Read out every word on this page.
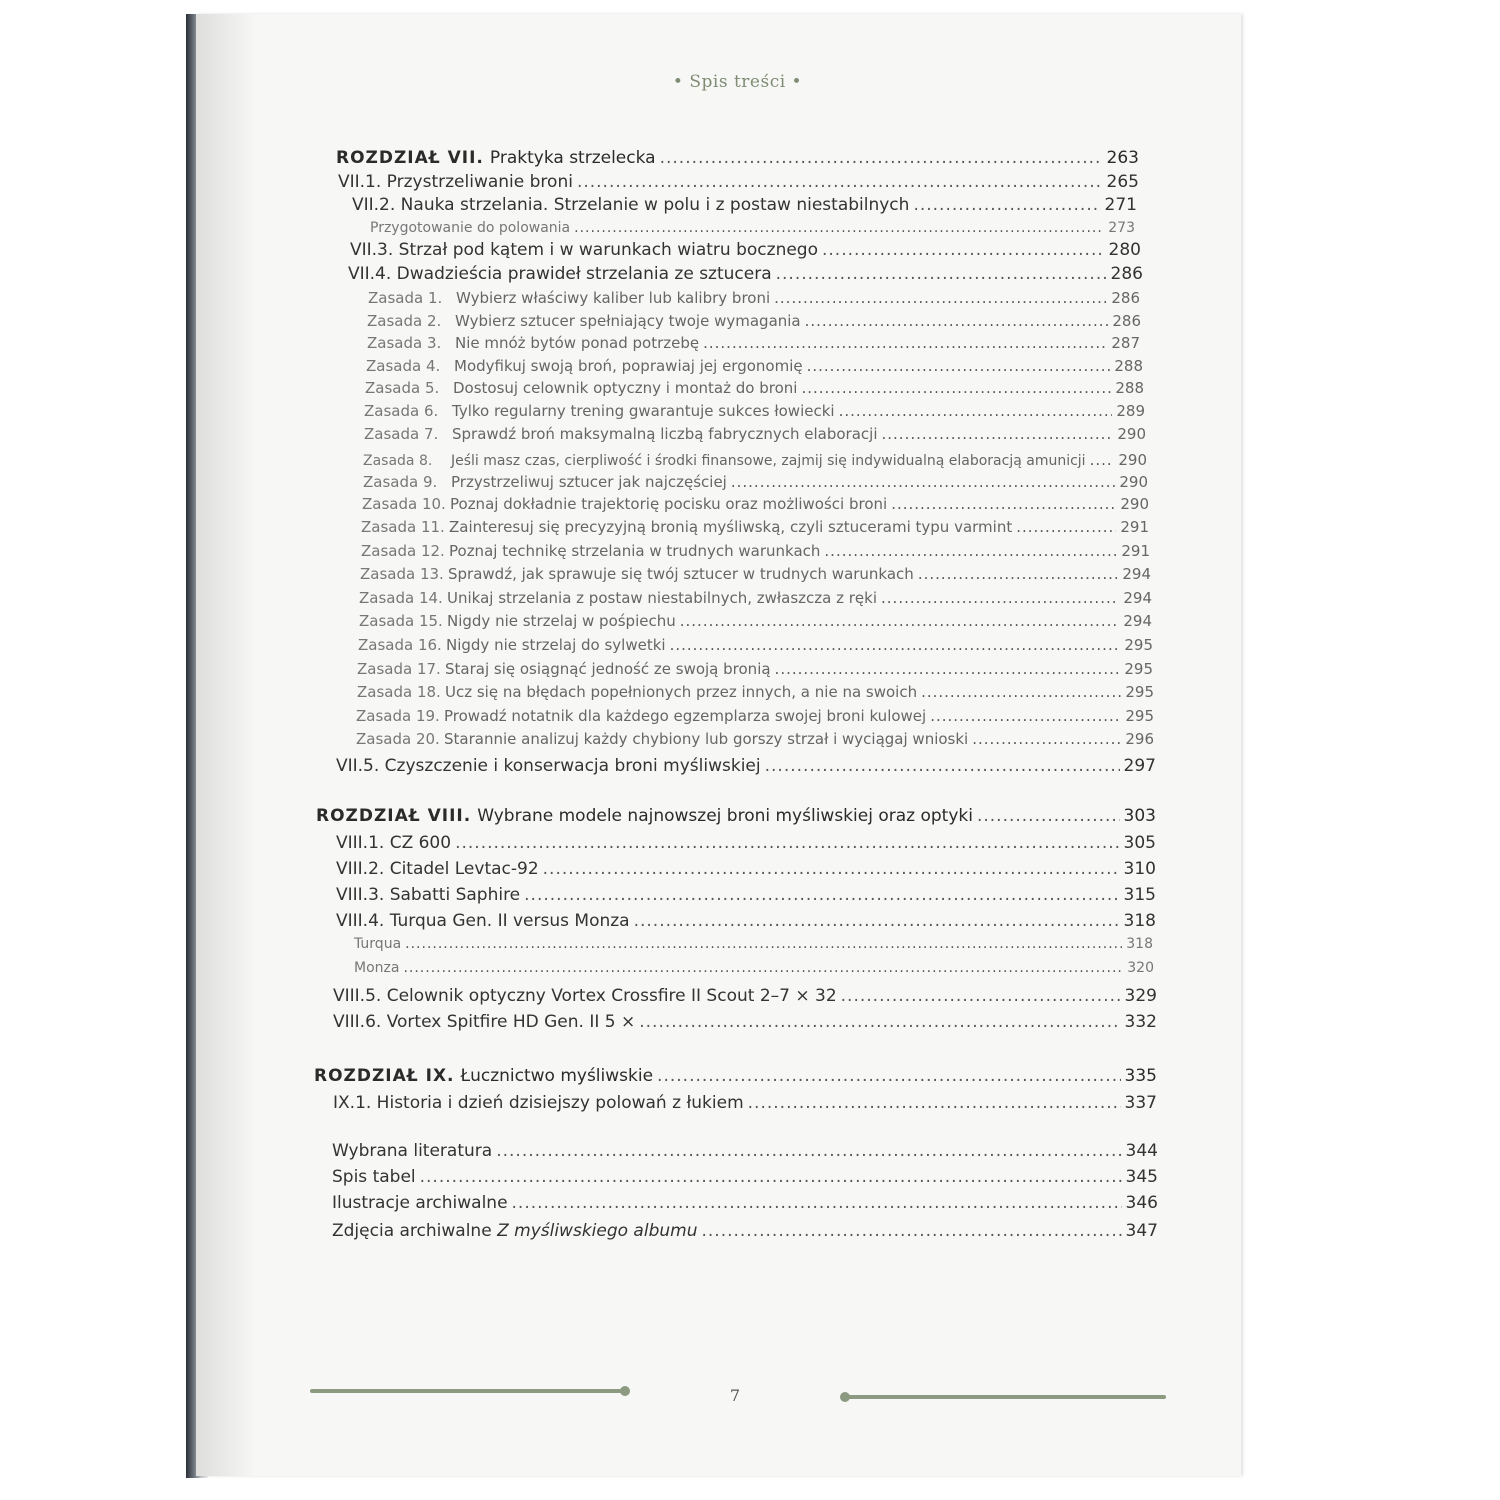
• Spis treści •
ROZDZIAŁ VII. Praktyka strzelecka .....	263
VII.1. Przystrzeliwanie broni .....	265
VII.2. Nauka strzelania. Strzelanie w polu i z postaw niestabilnych .....	271
Przygotowanie do polowania .....	273
VII.3. Strzał pod kątem i w warunkach wiatru bocznego .....	280
VII.4. Dwadzieścia prawideł strzelania ze sztucera .....	286
Zasada 1. Wybierz właściwy kaliber lub kalibry broni .....	286
Zasada 2. Wybierz sztucer spełniający twoje wymagania .....	286
Zasada 3. Nie mnóż bytów ponad potrzebę .....	287
Zasada 4. Modyfikuj swoją broń, poprawiaj jej ergonomię .....	288
Zasada 5. Dostosuj celownik optyczny i montaż do broni .....	288
Zasada 6. Tylko regularny trening gwarantuje sukces łowiecki .....	289
Zasada 7. Sprawdź broń maksymalną liczbą fabrycznych elaboracji .....	290
Zasada 8. Jeśli masz czas, cierpliwość i środki finansowe, zajmij się indywidualną elaboracją amunicji ..... 290
Zasada 9. Przystrzeliwuj sztucer jak najczęściej .....	290
Zasada 10. Poznaj dokładnie trajektorię pocisku oraz możliwości broni .....	290
Zasada 11. Zainteresuj się precyzyjną bronią myśliwską, czyli sztucerami typu varmint .....	291
Zasada 12. Poznaj technikę strzelania w trudnych warunkach .....	291
Zasada 13. Sprawdź, jak sprawuje się twój sztucer w trudnych warunkach .....	294
Zasada 14. Unikaj strzelania z postaw niestabilnych, zwłaszcza z ręki .....	294
Zasada 15. Nigdy nie strzelaj w pośpiechu .....	294
Zasada 16. Nigdy nie strzelaj do sylwetki .....	295
Zasada 17. Staraj się osiągnąć jedność ze swoją bronią .....	295
Zasada 18. Ucz się na błędach popełnionych przez innych, a nie na swoich .....	295
Zasada 19. Prowadź notatnik dla każdego egzemplarza swojej broni kulowej .....	295
Zasada 20. Starannie analizuj każdy chybiony lub gorszy strzał i wyciągaj wnioski .....	296
VII.5. Czyszczenie i konserwacja broni myśliwskiej .....	297
ROZDZIAŁ VIII. Wybrane modele najnowszej broni myśliwskiej oraz optyki .....	303
VIII.1. CZ 600 .....	305
VIII.2. Citadel Levtac-92 .....	310
VIII.3. Sabatti Saphire .....	315
VIII.4. Turqua Gen. II versus Monza .....	318
Turqua .....	318
Monza .....	320
VIII.5. Celownik optyczny Vortex Crossfire II Scout 2–7 × 32 .....	329
VIII.6. Vortex Spitfire HD Gen. II 5 × .....	332
ROZDZIAŁ IX. Łucznictwo myśliwskie .....	335
IX.1. Historia i dzień dzisiejszy polowań z łukiem .....	337
Wybrana literatura .....	344
Spis tabel .....	345
Ilustracje archiwalne .....	346
Zdjęcia archiwalne Z myśliwskiego albumu .....	347
7
